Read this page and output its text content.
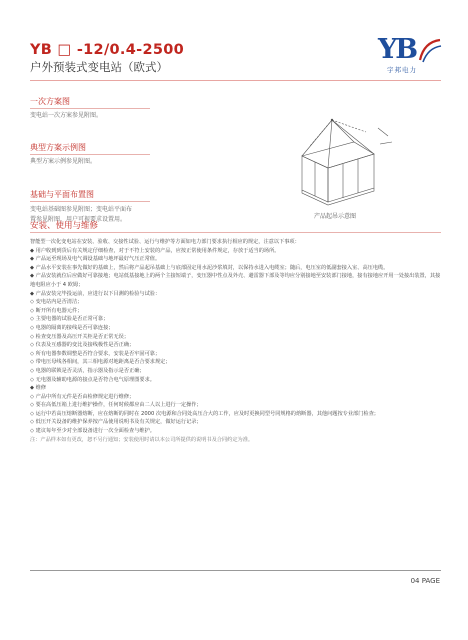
YB □ -12/0.4-2500
户外预装式变电站（欧式）
YB
宇邦电力
一次方案图
变电站一次方案参见附图。
典型方案示例图
典型方案示例参见附图。
基础与平面布置图
变电站基础图参见附图；变电站平面布
置参见附图，用户可视要求设置用。	产品起吊示意图
安装、使用与维修
智能型一次化变电站在安装、验收、交接性试验、运行与维护等方面如电力部门要求执行相应的规定，注意以下事项：
◆ 用户收到到货后有关规定仔细检查，对于不符上安装的产品，应按正常使用条件规定，存放于适当的场所。
◆ 产品运至现场及电气调设基础与地坪最好气压正常值。
◆ 产品水平安装在事先做好的基础上，然后将产品起吊基础上与底部固定用水泥沙浆填封，以保持水进入电缆室；随后，电压室的低副套接入室、高压电缆。
◆ 产品安装就位后应做好可靠接地；电站低基接地上的两个主接短端子，变压器中性点及外壳、避雷器下部及等均应分别接地至安装部门接地，接有接地应开用一处接出装置，其接地电阻应小于 4 欧姆；
◆ 产品安装完毕投运前，应进行以下目测的检验与试验：
◇ 变电站内是否清洁；
◇ 断开所有电器元件；
◇ 主要电器的试验是否正常可靠；
◇ 电器的隔离的接线是否可靠连接；
◇ 检查变压器及高压开关柜是否正常无误；
◇ 仪表及互感器的变比及接线极性是否正确；
◇ 所有电器参数调整是否符合要求，安装是否牢固可靠；
◇ 带电压母线各相间，其三相电源对地距离是否合要求规定；
◇ 电器的联锁是否灵活，指示器及指示是否正确；
◇ 无电器及辅助电源的接点是否符合电气原理图要求。
◆ 维修
◇ 产品中所有元件是否由检修规定进行维修；
◇ 要在高低压箱上进行维护操作，任何时候都应由二人以上进行一定操作；
◇ 运行中若高压熔断器熔断，应在熔断的同时在 2000 次电源和合同处高压合大的工作，应及时更换同型号同规格的熔断器，其他问题按专业部门检查；
◇ 低压开关设备的维护保养按产品使用说明书及有关规定，做好运行记录；
◇ 建议每年至少对全部设备进行一次全面检查与维护。
注：产品样本如有更改，恕不另行通知；安装使用时请以本公司所提供的说明书及合同约定为准。
04 PAGE
